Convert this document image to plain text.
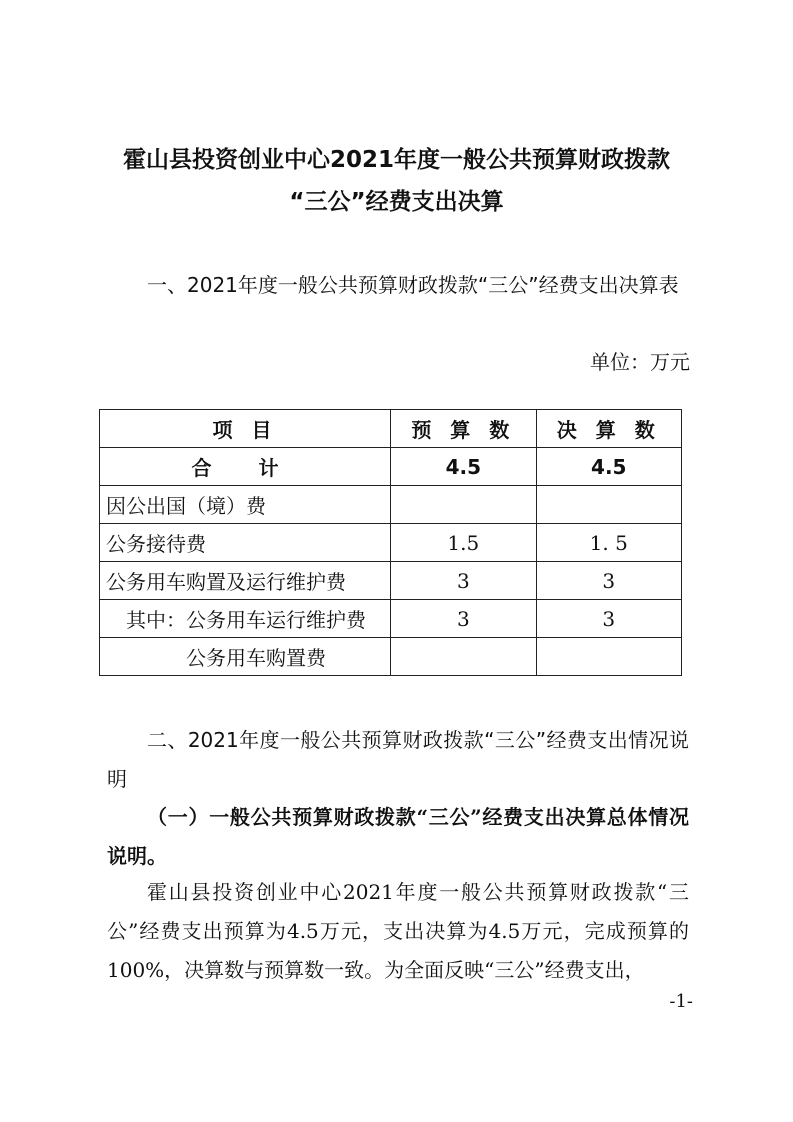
霍山县投资创业中心2021年度一般公共预算财政拨款
“三公”经费支出决算

一、2021年度一般公共预算财政拨款“三公”经费支出决算表

单位：万元

项 目	预 算 数	决 算 数
合 计	4.5	4.5
因公出国（境）费		
公务接待费	1.5	1. 5
公务用车购置及运行维护费	3	3
其中：公务用车运行维护费	3	3
公务用车购置费		

二、2021年度一般公共预算财政拨款“三公”经费支出情况说明

（一）一般公共预算财政拨款“三公”经费支出决算总体情况说明。

霍山县投资创业中心2021年度一般公共预算财政拨款“三公”经费支出预算为4.5万元，支出决算为4.5万元，完成预算的100%，决算数与预算数一致。为全面反映“三公”经费支出，

-1-
